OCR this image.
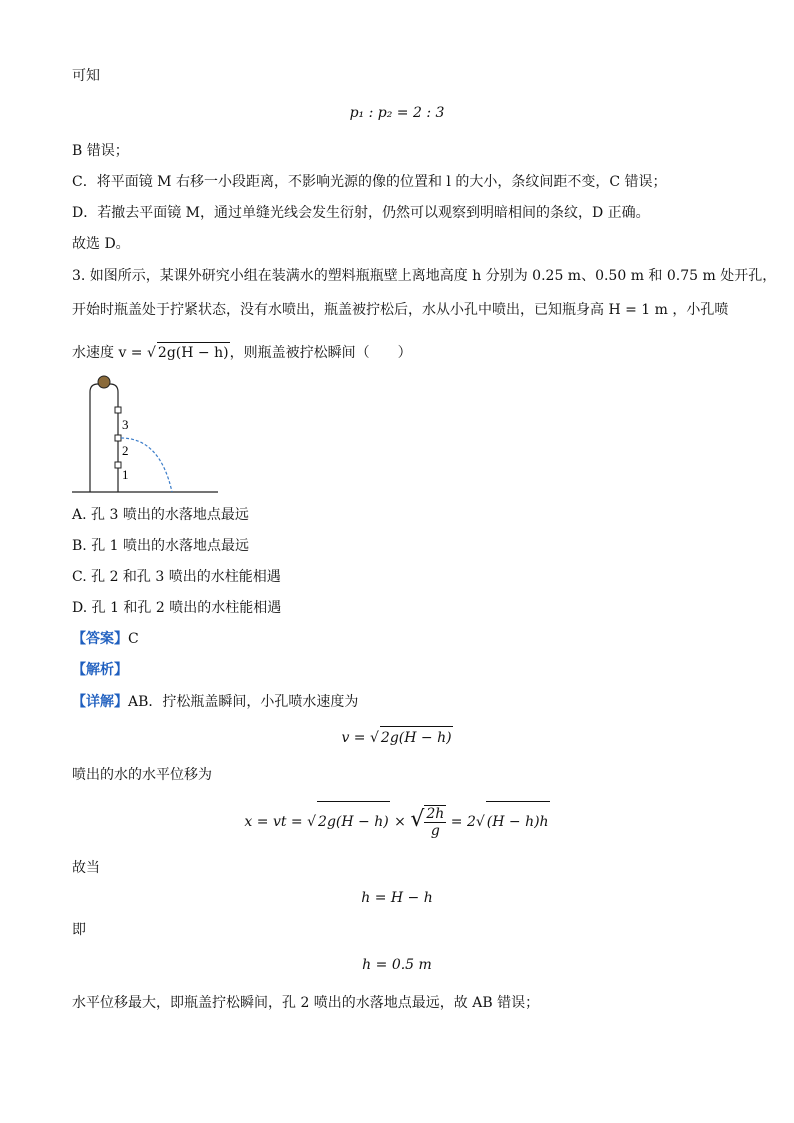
可知
p₁ : p₂ = 2 : 3
B 错误；
C．将平面镜 M 右移一小段距离，不影响光源的像的位置和 l 的大小，条纹间距不变，C 错误；
D．若撤去平面镜 M，通过单缝光线会发生衍射，仍然可以观察到明暗相间的条纹，D 正确。
故选 D。
3. 如图所示，某课外研究小组在装满水的塑料瓶瓶壁上离地高度 h 分别为 0.25 m、0.50 m 和 0.75 m 处开孔，
开始时瓶盖处于拧紧状态，没有水喷出，瓶盖被拧松后，水从小孔中喷出，已知瓶身高 H = 1 m ，小孔喷
水速度 v = √ 2g(H − h)，则瓶盖被拧松瞬间（　　）
3
2
1
A. 孔 3 喷出的水落地点最远
B. 孔 1 喷出的水落地点最远
C. 孔 2 和孔 3 喷出的水柱能相遇
D. 孔 1 和孔 2 喷出的水柱能相遇
【答案】C
【解析】
【详解】AB．拧松瓶盖瞬间，小孔喷水速度为
v = √ 2g(H − h)
喷出的水的水平位移为
x = vt = √ 2g(H − h) × √ $\frac{2h}{g} = 2√$ (H − h)h
故当
h = H − h
即
h = 0.5 m
水平位移最大，即瓶盖拧松瞬间，孔 2 喷出的水落地点最远，故 AB 错误；
